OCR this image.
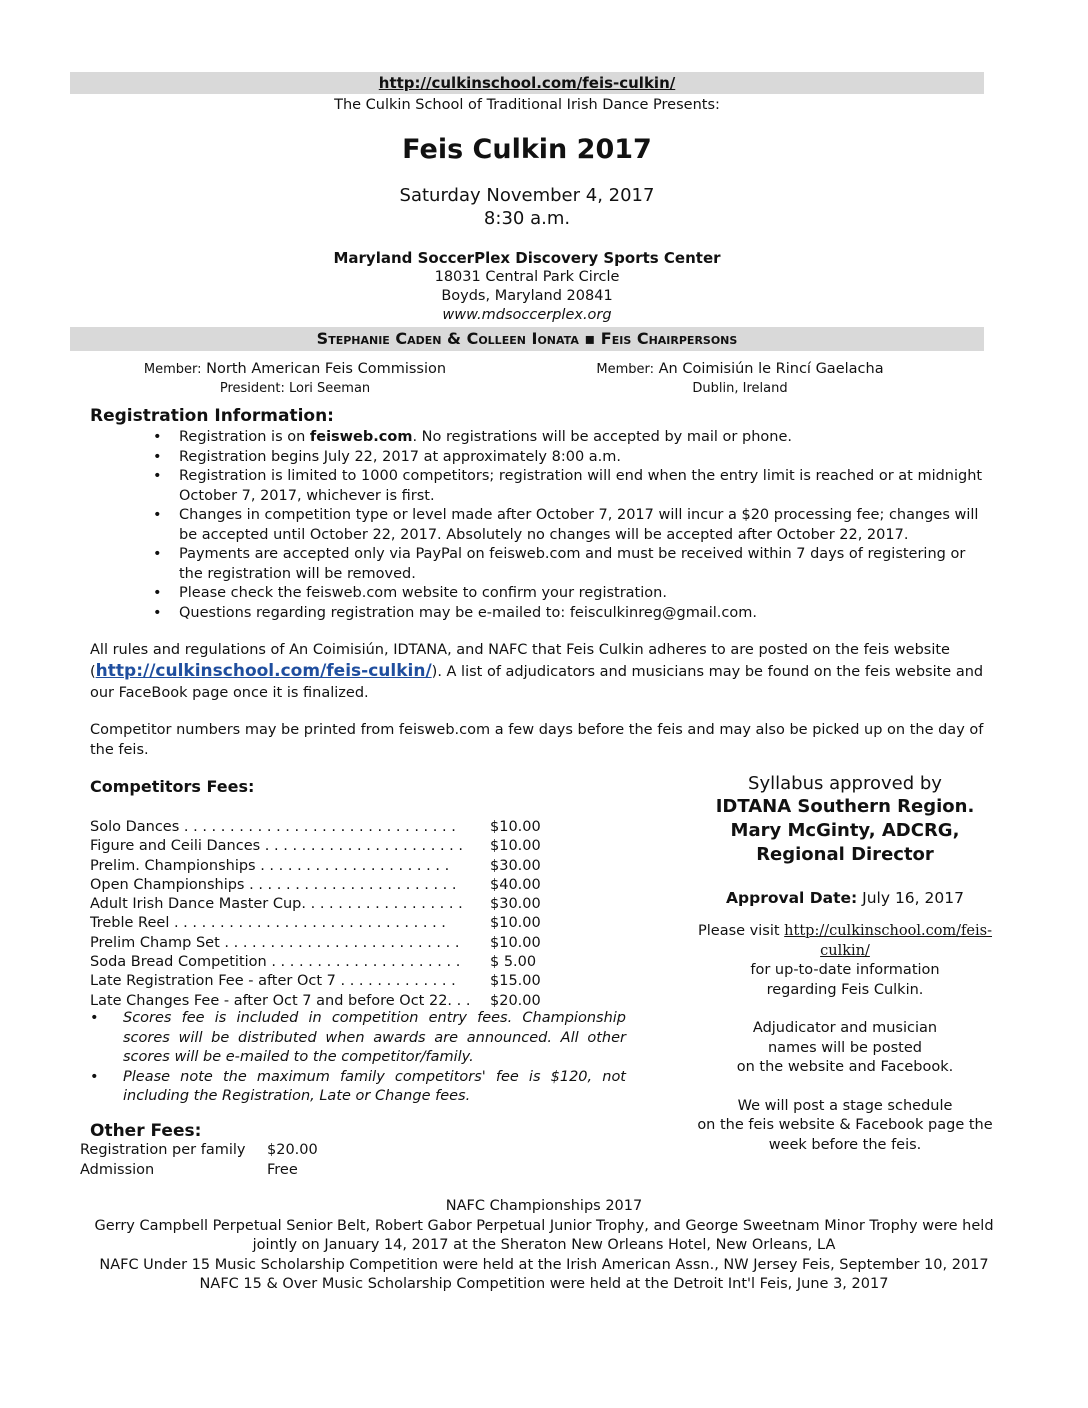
http://culkinschool.com/feis-culkin/
The Culkin School of Traditional Irish Dance Presents:
Feis Culkin 2017
Saturday November 4, 2017
8:30 a.m.
Maryland SoccerPlex Discovery Sports Center
18031 Central Park Circle
Boyds, Maryland 20841
www.mdsoccerplex.org
Stephanie Caden & Colleen Ionata ▪ Feis Chairpersons
Member: North American Feis Commission
President: Lori Seeman
Member: An Coimisiún le Rincí Gaelacha
Dublin, Ireland
Registration Information:
• Registration is on feisweb.com. No registrations will be accepted by mail or phone.
• Registration begins July 22, 2017 at approximately 8:00 a.m.
• Registration is limited to 1000 competitors; registration will end when the entry limit is reached or at midnight October 7, 2017, whichever is first.
• Changes in competition type or level made after October 7, 2017 will incur a $20 processing fee; changes will be accepted until October 22, 2017. Absolutely no changes will be accepted after October 22, 2017.
• Payments are accepted only via PayPal on feisweb.com and must be received within 7 days of registering or the registration will be removed.
• Please check the feisweb.com website to confirm your registration.
• Questions regarding registration may be e-mailed to: feisculkinreg@gmail.com.
All rules and regulations of An Coimisiún, IDTANA, and NAFC that Feis Culkin adheres to are posted on the feis website (http://culkinschool.com/feis-culkin/). A list of adjudicators and musicians may be found on the feis website and our FaceBook page once it is finalized.
Competitor numbers may be printed from feisweb.com a few days before the feis and may also be picked up on the day of the feis.
Competitors Fees:
Solo Dances . . . . . . . . . . . . . . . . . . . . . . . . . . . . . .	$10.00
Figure and Ceili Dances . . . . . . . . . . . . . . . . . . . . . .	$10.00
Prelim. Championships . . . . . . . . . . . . . . . . . . . . .	$30.00
Open Championships . . . . . . . . . . . . . . . . . . . . . . .	$40.00
Adult Irish Dance Master Cup. . . . . . . . . . . . . . . . . .	$30.00
Treble Reel . . . . . . . . . . . . . . . . . . . . . . . . . . . . . .	$10.00
Prelim Champ Set . . . . . . . . . . . . . . . . . . . . . . . . . .	$10.00
Soda Bread Competition . . . . . . . . . . . . . . . . . . . . .	$ 5.00
Late Registration Fee - after Oct 7 . . . . . . . . . . . . .	$15.00
Late Changes Fee - after Oct 7 and before Oct 22. . .	$20.00
• Scores fee is included in competition entry fees. Championship scores will be distributed when awards are announced. All other scores will be e-mailed to the competitor/family.
• Please note the maximum family competitors' fee is $120, not including the Registration, Late or Change fees.
Other Fees:
Registration per family	$20.00
Admission	Free
Syllabus approved by
IDTANA Southern Region.
Mary McGinty, ADCRG,
Regional Director
Approval Date: July 16, 2017
Please visit http://culkinschool.com/feis-
culkin/
for up-to-date information
regarding Feis Culkin.
Adjudicator and musician
names will be posted
on the website and Facebook.
We will post a stage schedule
on the feis website & Facebook page the
week before the feis.
NAFC Championships 2017
Gerry Campbell Perpetual Senior Belt, Robert Gabor Perpetual Junior Trophy, and George Sweetnam Minor Trophy were held
jointly on January 14, 2017 at the Sheraton New Orleans Hotel, New Orleans, LA
NAFC Under 15 Music Scholarship Competition were held at the Irish American Assn., NW Jersey Feis, September 10, 2017
NAFC 15 & Over Music Scholarship Competition were held at the Detroit Int'l Feis, June 3, 2017
